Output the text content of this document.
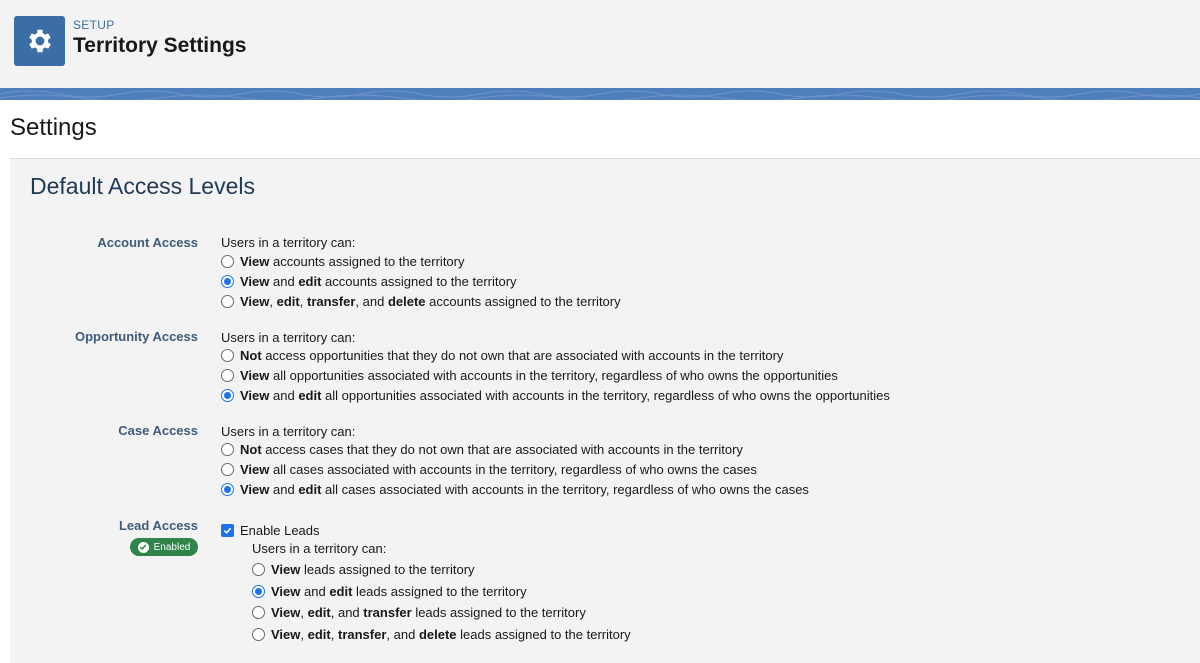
SETUP
Territory Settings
Settings
Default Access Levels
Account Access Users in a territory can:
View accounts assigned to the territory
View and edit accounts assigned to the territory
View, edit, transfer, and delete accounts assigned to the territory
Opportunity Access Users in a territory can:
Not access opportunities that they do not own that are associated with accounts in the territory
View all opportunities associated with accounts in the territory, regardless of who owns the opportunities
View and edit all opportunities associated with accounts in the territory, regardless of who owns the opportunities
Case Access Users in a territory can:
Not access cases that they do not own that are associated with accounts in the territory
View all cases associated with accounts in the territory, regardless of who owns the cases
View and edit all cases associated with accounts in the territory, regardless of who owns the cases
Lead Access
Enabled
Enable Leads
Users in a territory can:
View leads assigned to the territory
View and edit leads assigned to the territory
View, edit, and transfer leads assigned to the territory
View, edit, transfer, and delete leads assigned to the territory
